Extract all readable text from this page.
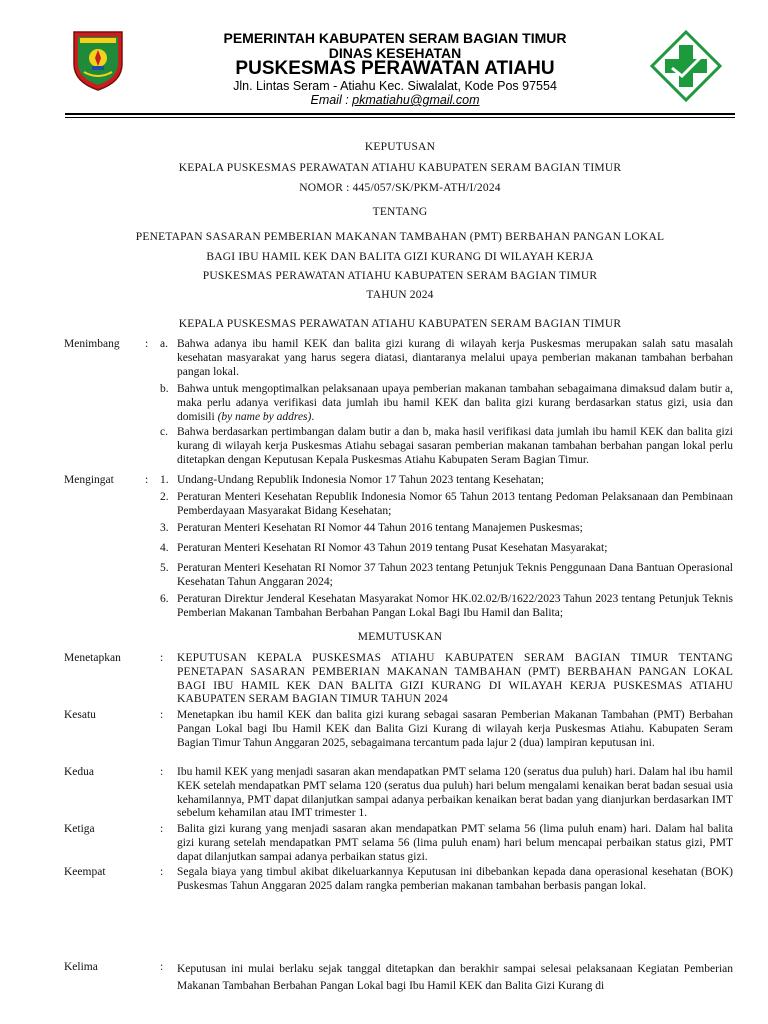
PEMERINTAH KABUPATEN SERAM BAGIAN TIMUR
DINAS KESEHATAN
PUSKESMAS PERAWATAN ATIAHU
Jln. Lintas Seram - Atiahu Kec. Siwalalat, Kode Pos 97554
Email : pkmatiahu@gmail.com
KEPUTUSAN
KEPALA PUSKESMAS PERAWATAN ATIAHU KABUPATEN SERAM BAGIAN TIMUR
NOMOR : 445/057/SK/PKM-ATH/I/2024
TENTANG
PENETAPAN SASARAN PEMBERIAN MAKANAN TAMBAHAN (PMT) BERBAHAN PANGAN LOKAL
BAGI IBU HAMIL KEK DAN BALITA GIZI KURANG DI WILAYAH KERJA
PUSKESMAS PERAWATAN ATIAHU KABUPATEN SERAM BAGIAN TIMUR
TAHUN 2024
KEPALA PUSKESMAS PERAWATAN ATIAHU KABUPATEN SERAM BAGIAN TIMUR
Menimbang : a. Bahwa adanya ibu hamil KEK dan balita gizi kurang di wilayah kerja Puskesmas merupakan salah satu masalah kesehatan masyarakat yang harus segera diatasi, diantaranya melalui upaya pemberian makanan tambahan berbahan pangan lokal.
b. Bahwa untuk mengoptimalkan pelaksanaan upaya pemberian makanan tambahan sebagaimana dimaksud dalam butir a, maka perlu adanya verifikasi data jumlah ibu hamil KEK dan balita gizi kurang berdasarkan status gizi, usia dan domisili (by name by addres).
c. Bahwa berdasarkan pertimbangan dalam butir a dan b, maka hasil verifikasi data jumlah ibu hamil KEK dan balita gizi kurang di wilayah kerja Puskesmas Atiahu sebagai sasaran pemberian makanan tambahan berbahan pangan lokal perlu ditetapkan dengan Keputusan Kepala Puskesmas Atiahu Kabupaten Seram Bagian Timur.
Mengingat	: 1. Undang-Undang Republik Indonesia Nomor 17 Tahun 2023 tentang Kesehatan;
2. Peraturan Menteri Kesehatan Republik Indonesia Nomor 65 Tahun 2013 tentang Pedoman Pelaksanaan dan Pembinaan Pemberdayaan Masyarakat Bidang Kesehatan;
3. Peraturan Menteri Kesehatan RI Nomor 44 Tahun 2016 tentang Manajemen Puskesmas;
4. Peraturan Menteri Kesehatan RI Nomor 43 Tahun 2019 tentang Pusat Kesehatan Masyarakat;
5. Peraturan Menteri Kesehatan RI Nomor 37 Tahun 2023 tentang Petunjuk Teknis Penggunaan Dana Bantuan Operasional Kesehatan Tahun Anggaran 2024;
6. Peraturan Direktur Jenderal Kesehatan Masyarakat Nomor HK.02.02/B/1622/2023 Tahun 2023 tentang Petunjuk Teknis Pemberian Makanan Tambahan Berbahan Pangan Lokal Bagi Ibu Hamil dan Balita;
MEMUTUSKAN
Menetapkan	: KEPUTUSAN KEPALA PUSKESMAS ATIAHU KABUPATEN SERAM BAGIAN TIMUR TENTANG PENETAPAN SASARAN PEMBERIAN MAKANAN TAMBAHAN (PMT) BERBAHAN PANGAN LOKAL BAGI IBU HAMIL KEK DAN BALITA GIZI KURANG DI WILAYAH KERJA PUSKESMAS ATIAHU KABUPATEN SERAM BAGIAN TIMUR TAHUN 2024
Kesatu	: Menetapkan ibu hamil KEK dan balita gizi kurang sebagai sasaran Pemberian Makanan Tambahan (PMT) Berbahan Pangan Lokal bagi Ibu Hamil KEK dan Balita Gizi Kurang di wilayah kerja Puskesmas Atiahu. Kabupaten Seram Bagian Timur Tahun Anggaran 2025, sebagaimana tercantum pada lajur 2 (dua) lampiran keputusan ini.
Kedua	: Ibu hamil KEK yang menjadi sasaran akan mendapatkan PMT selama 120 (seratus dua puluh) hari. Dalam hal ibu hamil KEK setelah mendapatkan PMT selama 120 (seratus dua puluh) hari belum mengalami kenaikan berat badan sesuai usia kehamilannya, PMT dapat dilanjutkan sampai adanya perbaikan kenaikan berat badan yang dianjurkan berdasarkan IMT sebelum kehamilan atau IMT trimester 1.
Ketiga	: Balita gizi kurang yang menjadi sasaran akan mendapatkan PMT selama 56 (lima puluh enam) hari. Dalam hal balita gizi kurang setelah mendapatkan PMT selama 56 (lima puluh enam) hari belum mencapai perbaikan status gizi, PMT dapat dilanjutkan sampai adanya perbaikan status gizi.
Keempat	: Segala biaya yang timbul akibat dikeluarkannya Keputusan ini dibebankan kepada dana operasional kesehatan (BOK) Puskesmas Tahun Anggaran 2025 dalam rangka pemberian makanan tambahan berbasis pangan lokal.
Kelima	: Keputusan ini mulai berlaku sejak tanggal ditetapkan dan berakhir sampai selesai pelaksanaan Kegiatan Pemberian Makanan Tambahan Berbahan Pangan Lokal bagi Ibu Hamil KEK dan Balita Gizi Kurang di
